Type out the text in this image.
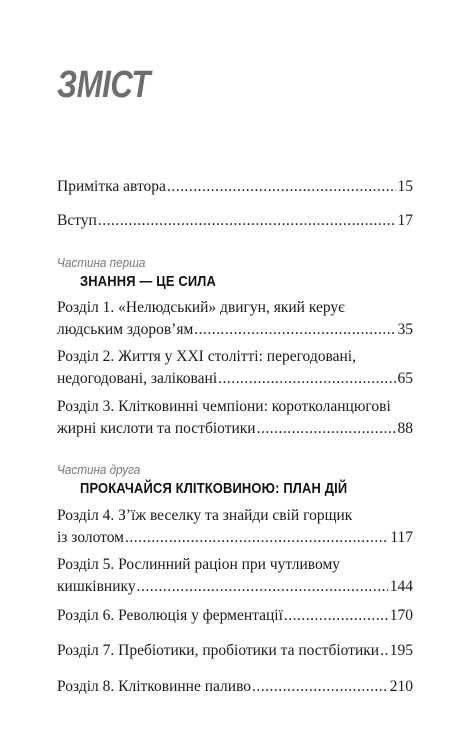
ЗМІСТ
Примітка автора .....	15
Вступ .....	17

Частина перша

ЗНАННЯ — ЦЕ СИЛА

Розділ 1. «Нелюдський» двигун, який керує
людським здоров’ям .....	35
Розділ 2. Життя у XXI столітті: перегодовані,
недогодовані, заліковані .....	65
Розділ 3. Клітковинні чемпіони: коротколанцюгові
жирні кислоти та постбіотики .....	88

Частина друга

ПРОКАЧАЙСЯ КЛІТКОВИНОЮ: ПЛАН ДІЙ

Розділ 4. З’їж веселку та знайди свій горщик
із золотом .....	117
Розділ 5. Рослинний раціон при чутливому
кишківнику .....	144
Розділ 6. Революція у ферментації .....	170
Розділ 7. Пребіотики, пробіотики та постбіотики ..... 195
Розділ 8. Клітковинне паливо .....	210
